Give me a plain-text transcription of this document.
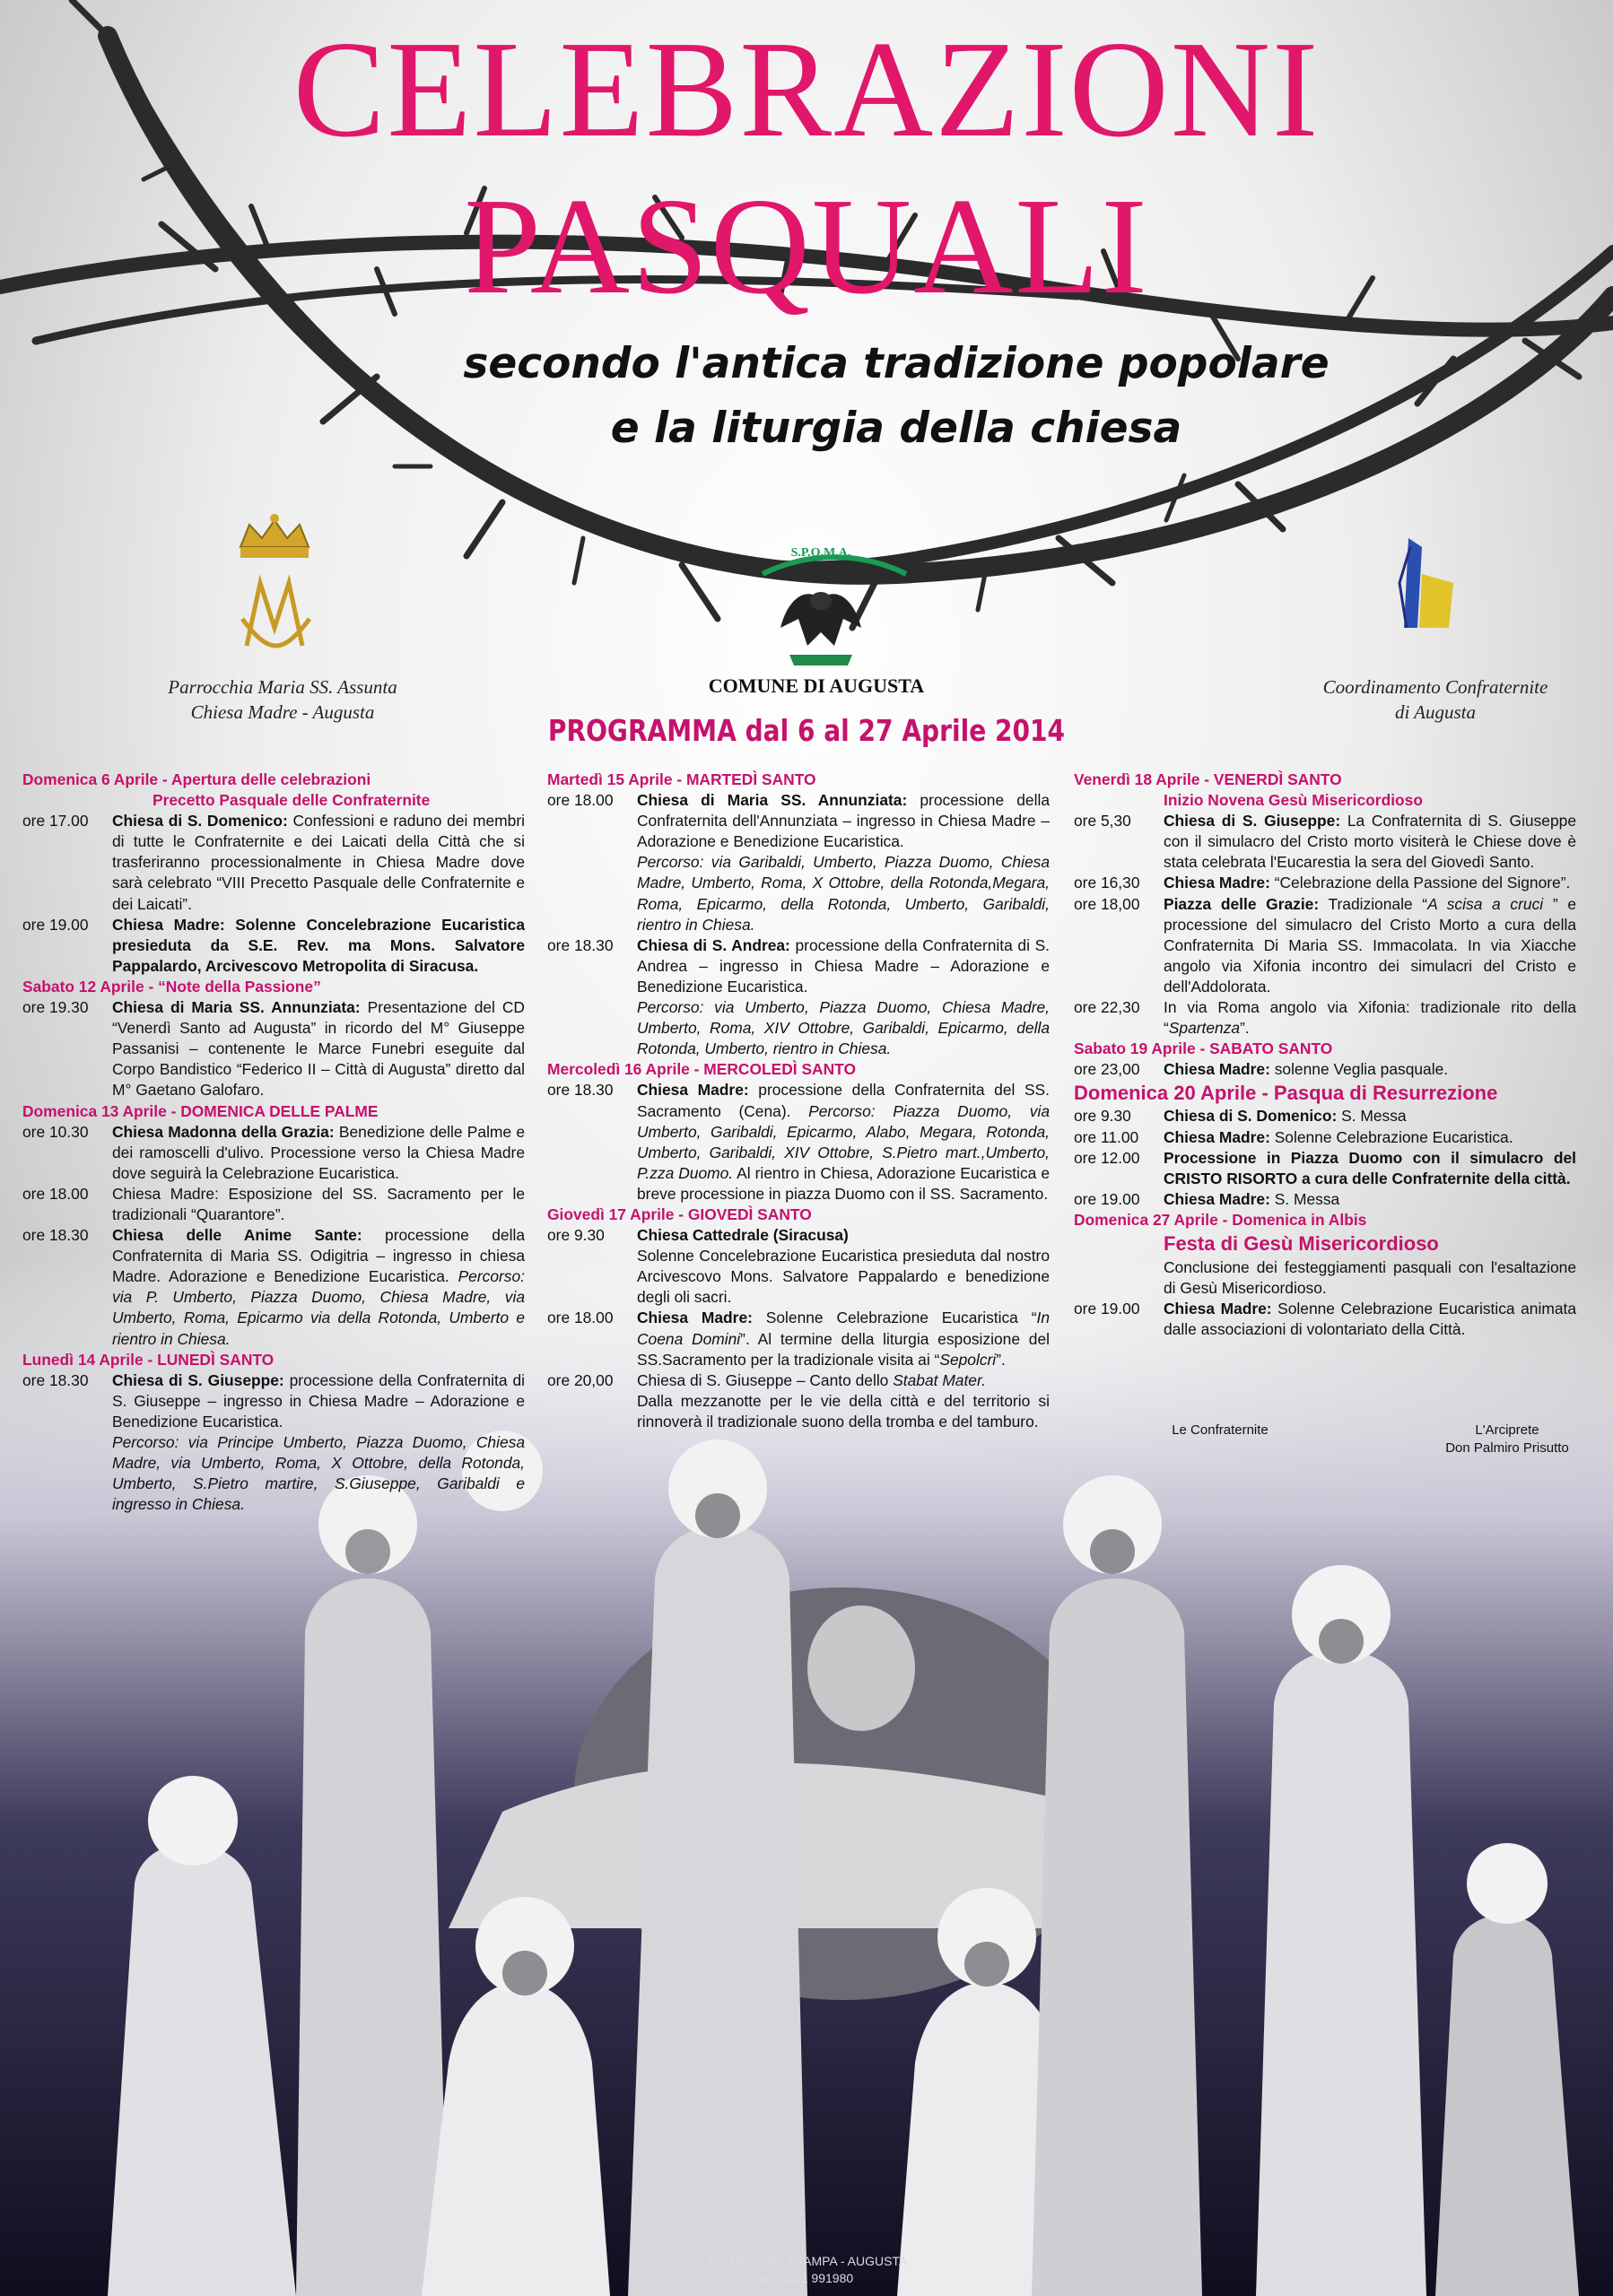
CELEBRAZIONI
PASQUALI
secondo l'antica tradizione popolare
e la liturgia della chiesa
Parrocchia Maria SS. Assunta
Chiesa Madre - Augusta
S.P.Q.M.A.
COMUNE DI AUGUSTA	Coordinamento Confraternite
di Augusta
PROGRAMMA dal 6 al 27 Aprile 2014
Domenica 6 Aprile - Apertura delle celebrazioni
Precetto Pasquale delle Confraternite
ore 17.00	Chiesa di S. Domenico: Confessioni e raduno dei membri di tutte le Confraternite e dei Laicati della Città che si trasferiranno processionalmente in Chiesa Madre dove sarà celebrato “VIII Precetto Pasquale delle Confraternite e dei Laicati”.
ore 19.00	Chiesa Madre: Solenne Concelebrazione Eucaristica presieduta da S.E. Rev. ma Mons. Salvatore Pappalardo, Arcivescovo Metropolita di Siracusa.
Sabato 12 Aprile - “Note della Passione”
ore 19.30	Chiesa di Maria SS. Annunziata: Presentazione del CD “Venerdì Santo ad Augusta” in ricordo del M° Giuseppe Passanisi – contenente le Marce Funebri eseguite dal Corpo Bandistico “Federico II – Città di Augusta” diretto dal M° Gaetano Galofaro.
Domenica 13 Aprile - DOMENICA DELLE PALME
ore 10.30	Chiesa Madonna della Grazia: Benedizione delle Palme e dei ramoscelli d'ulivo. Processione verso la Chiesa Madre dove seguirà la Celebrazione Eucaristica.
ore 18.00	Chiesa Madre: Esposizione del SS. Sacramento per le tradizionali “Quarantore”.
ore 18.30	Chiesa delle Anime Sante: processione della Confraternita di Maria SS. Odigitria – ingresso in chiesa Madre. Adorazione e Benedizione Eucaristica. Percorso: via P. Umberto, Piazza Duomo, Chiesa Madre, via Umberto, Roma, Epicarmo via della Rotonda, Umberto e rientro in Chiesa.
Lunedì 14 Aprile - LUNEDÌ SANTO
ore 18.30	Chiesa di S. Giuseppe: processione della Confraternita di S. Giuseppe – ingresso in Chiesa Madre – Adorazione e Benedizione Eucaristica.
Percorso: via Principe Umberto, Piazza Duomo, Chiesa Madre, via Umberto, Roma, X Ottobre, della Rotonda, Umberto, S.Pietro martire, S.Giuseppe, Garibaldi e ingresso in Chiesa.
Martedì 15 Aprile - MARTEDÌ SANTO
ore 18.00	Chiesa di Maria SS. Annunziata: processione della Confraternita dell'Annunziata – ingresso in Chiesa Madre – Adorazione e Benedizione Eucaristica.
Percorso: via Garibaldi, Umberto, Piazza Duomo, Chiesa Madre, Umberto, Roma, X Ottobre, della Rotonda,Megara, Roma, Epicarmo, della Rotonda, Umberto, Garibaldi, rientro in Chiesa.
ore 18.30	Chiesa di S. Andrea: processione della Confraternita di S. Andrea – ingresso in Chiesa Madre – Adorazione e Benedizione Eucaristica.
Percorso: via Umberto, Piazza Duomo, Chiesa Madre, Umberto, Roma, XIV Ottobre, Garibaldi, Epicarmo, della Rotonda, Umberto, rientro in Chiesa.
Mercoledì 16 Aprile - MERCOLEDÌ SANTO
ore 18.30	Chiesa Madre: processione della Confraternita del SS. Sacramento (Cena). Percorso: Piazza Duomo, via Umberto, Garibaldi, Epicarmo, Alabo, Megara, Rotonda, Umberto, Garibaldi, XIV Ottobre, S.Pietro mart.,Umberto, P.zza Duomo. Al rientro in Chiesa, Adorazione Eucaristica e breve processione in piazza Duomo con il SS. Sacramento.
Giovedì 17 Aprile - GIOVEDÌ SANTO
ore 9.30	Chiesa Cattedrale (Siracusa)
Solenne Concelebrazione Eucaristica presieduta dal nostro Arcivescovo Mons. Salvatore Pappalardo e benedizione degli oli sacri.
ore 18.00	Chiesa Madre: Solenne Celebrazione Eucaristica “In Coena Domini”. Al termine della liturgia esposizione del SS.Sacramento per la tradizionale visita ai “Sepolcri”.
ore 20,00	Chiesa di S. Giuseppe – Canto dello Stabat Mater.
Dalla mezzanotte per le vie della città e del territorio si rinnoverà il tradizionale suono della tromba e del tamburo.
Venerdì 18 Aprile - VENERDÌ SANTO
Inizio Novena Gesù Misericordioso
ore 5,30	Chiesa di S. Giuseppe: La Confraternita di S. Giuseppe con il simulacro del Cristo morto visiterà le Chiese dove è stata celebrata l'Eucarestia la sera del Giovedì Santo.
ore 16,30	Chiesa Madre: “Celebrazione della Passione del Signore”.
ore 18,00	Piazza delle Grazie: Tradizionale “A scisa a cruci ” e processione del simulacro del Cristo Morto a cura della Confraternita Di Maria SS. Immacolata. In via Xiacche angolo via Xifonia incontro dei simulacri del Cristo e dell'Addolorata.
ore 22,30	In via Roma angolo via Xifonia: tradizionale rito della “Spartenza”.
Sabato 19 Aprile - SABATO SANTO
ore 23,00	Chiesa Madre: solenne Veglia pasquale.
Domenica 20 Aprile - Pasqua di Resurrezione
ore 9.30	Chiesa di S. Domenico: S. Messa
ore 11.00	Chiesa Madre: Solenne Celebrazione Eucaristica.
ore 12.00	Processione in Piazza Duomo con il simulacro del CRISTO RISORTO a cura delle Confraternite della città.
ore 19.00	Chiesa Madre: S. Messa
Domenica 27 Aprile - Domenica in Albis
Festa di Gesù Misericordioso
Conclusione dei festeggiamenti pasquali con l'esaltazione di Gesù Misericordioso.
ore 19.00	Chiesa Madre: Solenne Celebrazione Eucaristica animata dalle associazioni di volontariato della Città.
Le Confraternite	L'Arciprete
Don Palmiro Prisutto
TIP. MEGARA STAMPA - AUGUSTA
tel. 0931 991980
